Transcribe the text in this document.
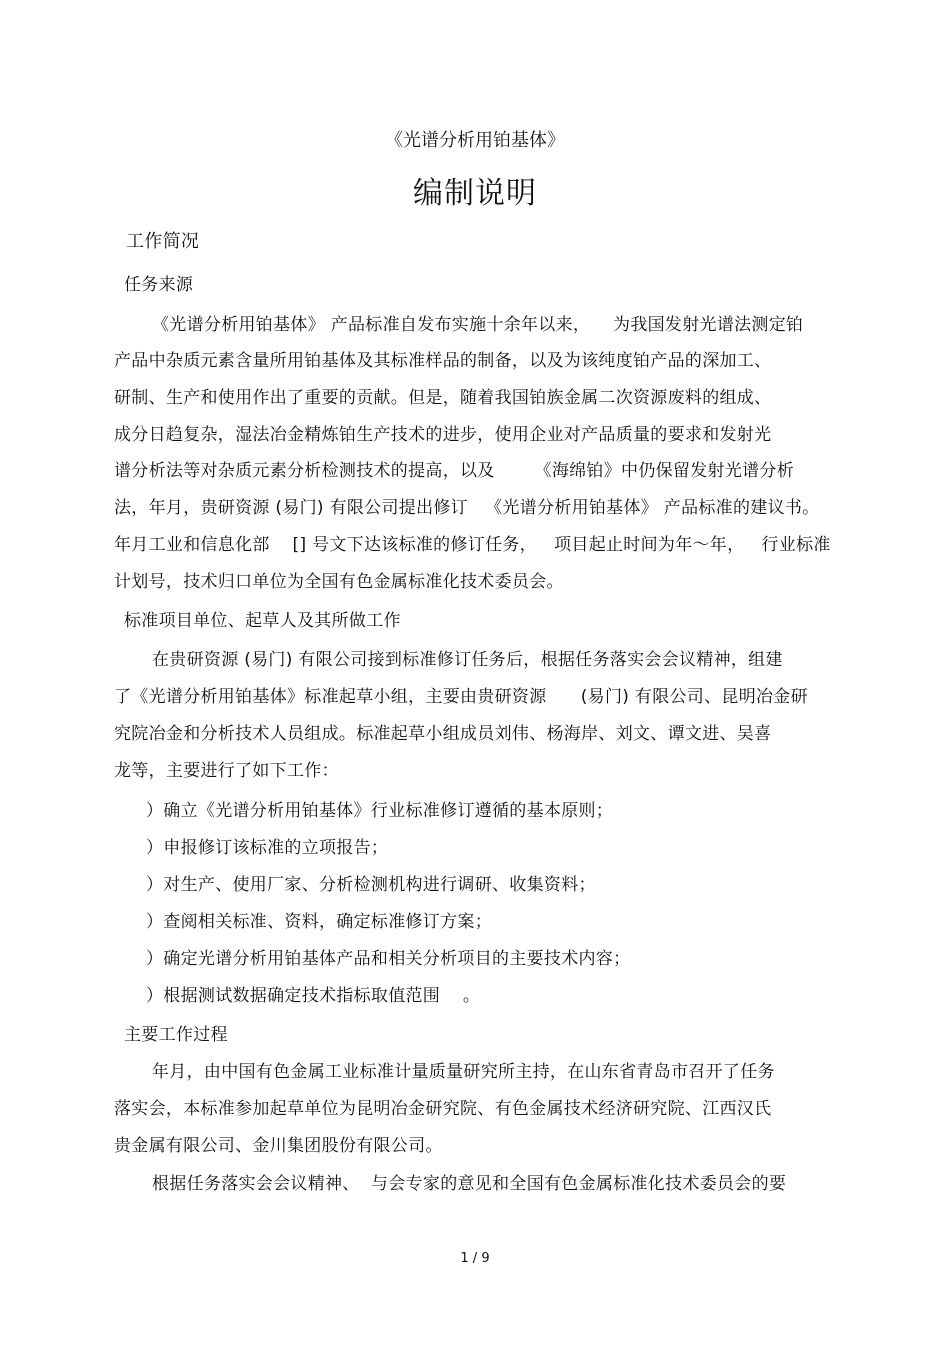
《光谱分析用铂基体》
编制说明
工作简况
任务来源
《光谱分析用铂基体》 产品标准自发布实施十余年以来，    为我国发射光谱法测定铂
产品中杂质元素含量所用铂基体及其标准样品的制备，以及为该纯度铂产品的深加工、
研制、生产和使用作出了重要的贡献。但是，随着我国铂族金属二次资源废料的组成、
成分日趋复杂，湿法冶金精炼铂生产技术的进步，使用企业对产品质量的要求和发射光
谱分析法等对杂质元素分析检测技术的提高，以及       《海绵铂》中仍保留发射光谱分析
法，年月，贵研资源 (易门) 有限公司提出修订   《光谱分析用铂基体》 产品标准的建议书。
年月工业和信息化部    [] 号文下达该标准的修订任务，   项目起止时间为年～年，   行业标准
计划号，技术归口单位为全国有色金属标准化技术委员会。
标准项目单位、起草人及其所做工作
在贵研资源 (易门) 有限公司接到标准修订任务后，根据任务落实会会议精神，组建
了《光谱分析用铂基体》标准起草小组，主要由贵研资源      (易门) 有限公司、昆明冶金研
究院冶金和分析技术人员组成。标准起草小组成员刘伟、杨海岸、刘文、谭文进、吴喜
龙等，主要进行了如下工作：
）确立《光谱分析用铂基体》行业标准修订遵循的基本原则；
）申报修订该标准的立项报告；
）对生产、使用厂家、分析检测机构进行调研、收集资料；
）查阅相关标准、资料，确定标准修订方案；
）确定光谱分析用铂基体产品和相关分析项目的主要技术内容；
）根据测试数据确定技术指标取值范围    。
主要工作过程
年月，由中国有色金属工业标准计量质量研究所主持，在山东省青岛市召开了任务
落实会，本标准参加起草单位为昆明冶金研究院、有色金属技术经济研究院、江西汉氏
贵金属有限公司、金川集团股份有限公司。
根据任务落实会会议精神、  与会专家的意见和全国有色金属标准化技术委员会的要
1 / 9
